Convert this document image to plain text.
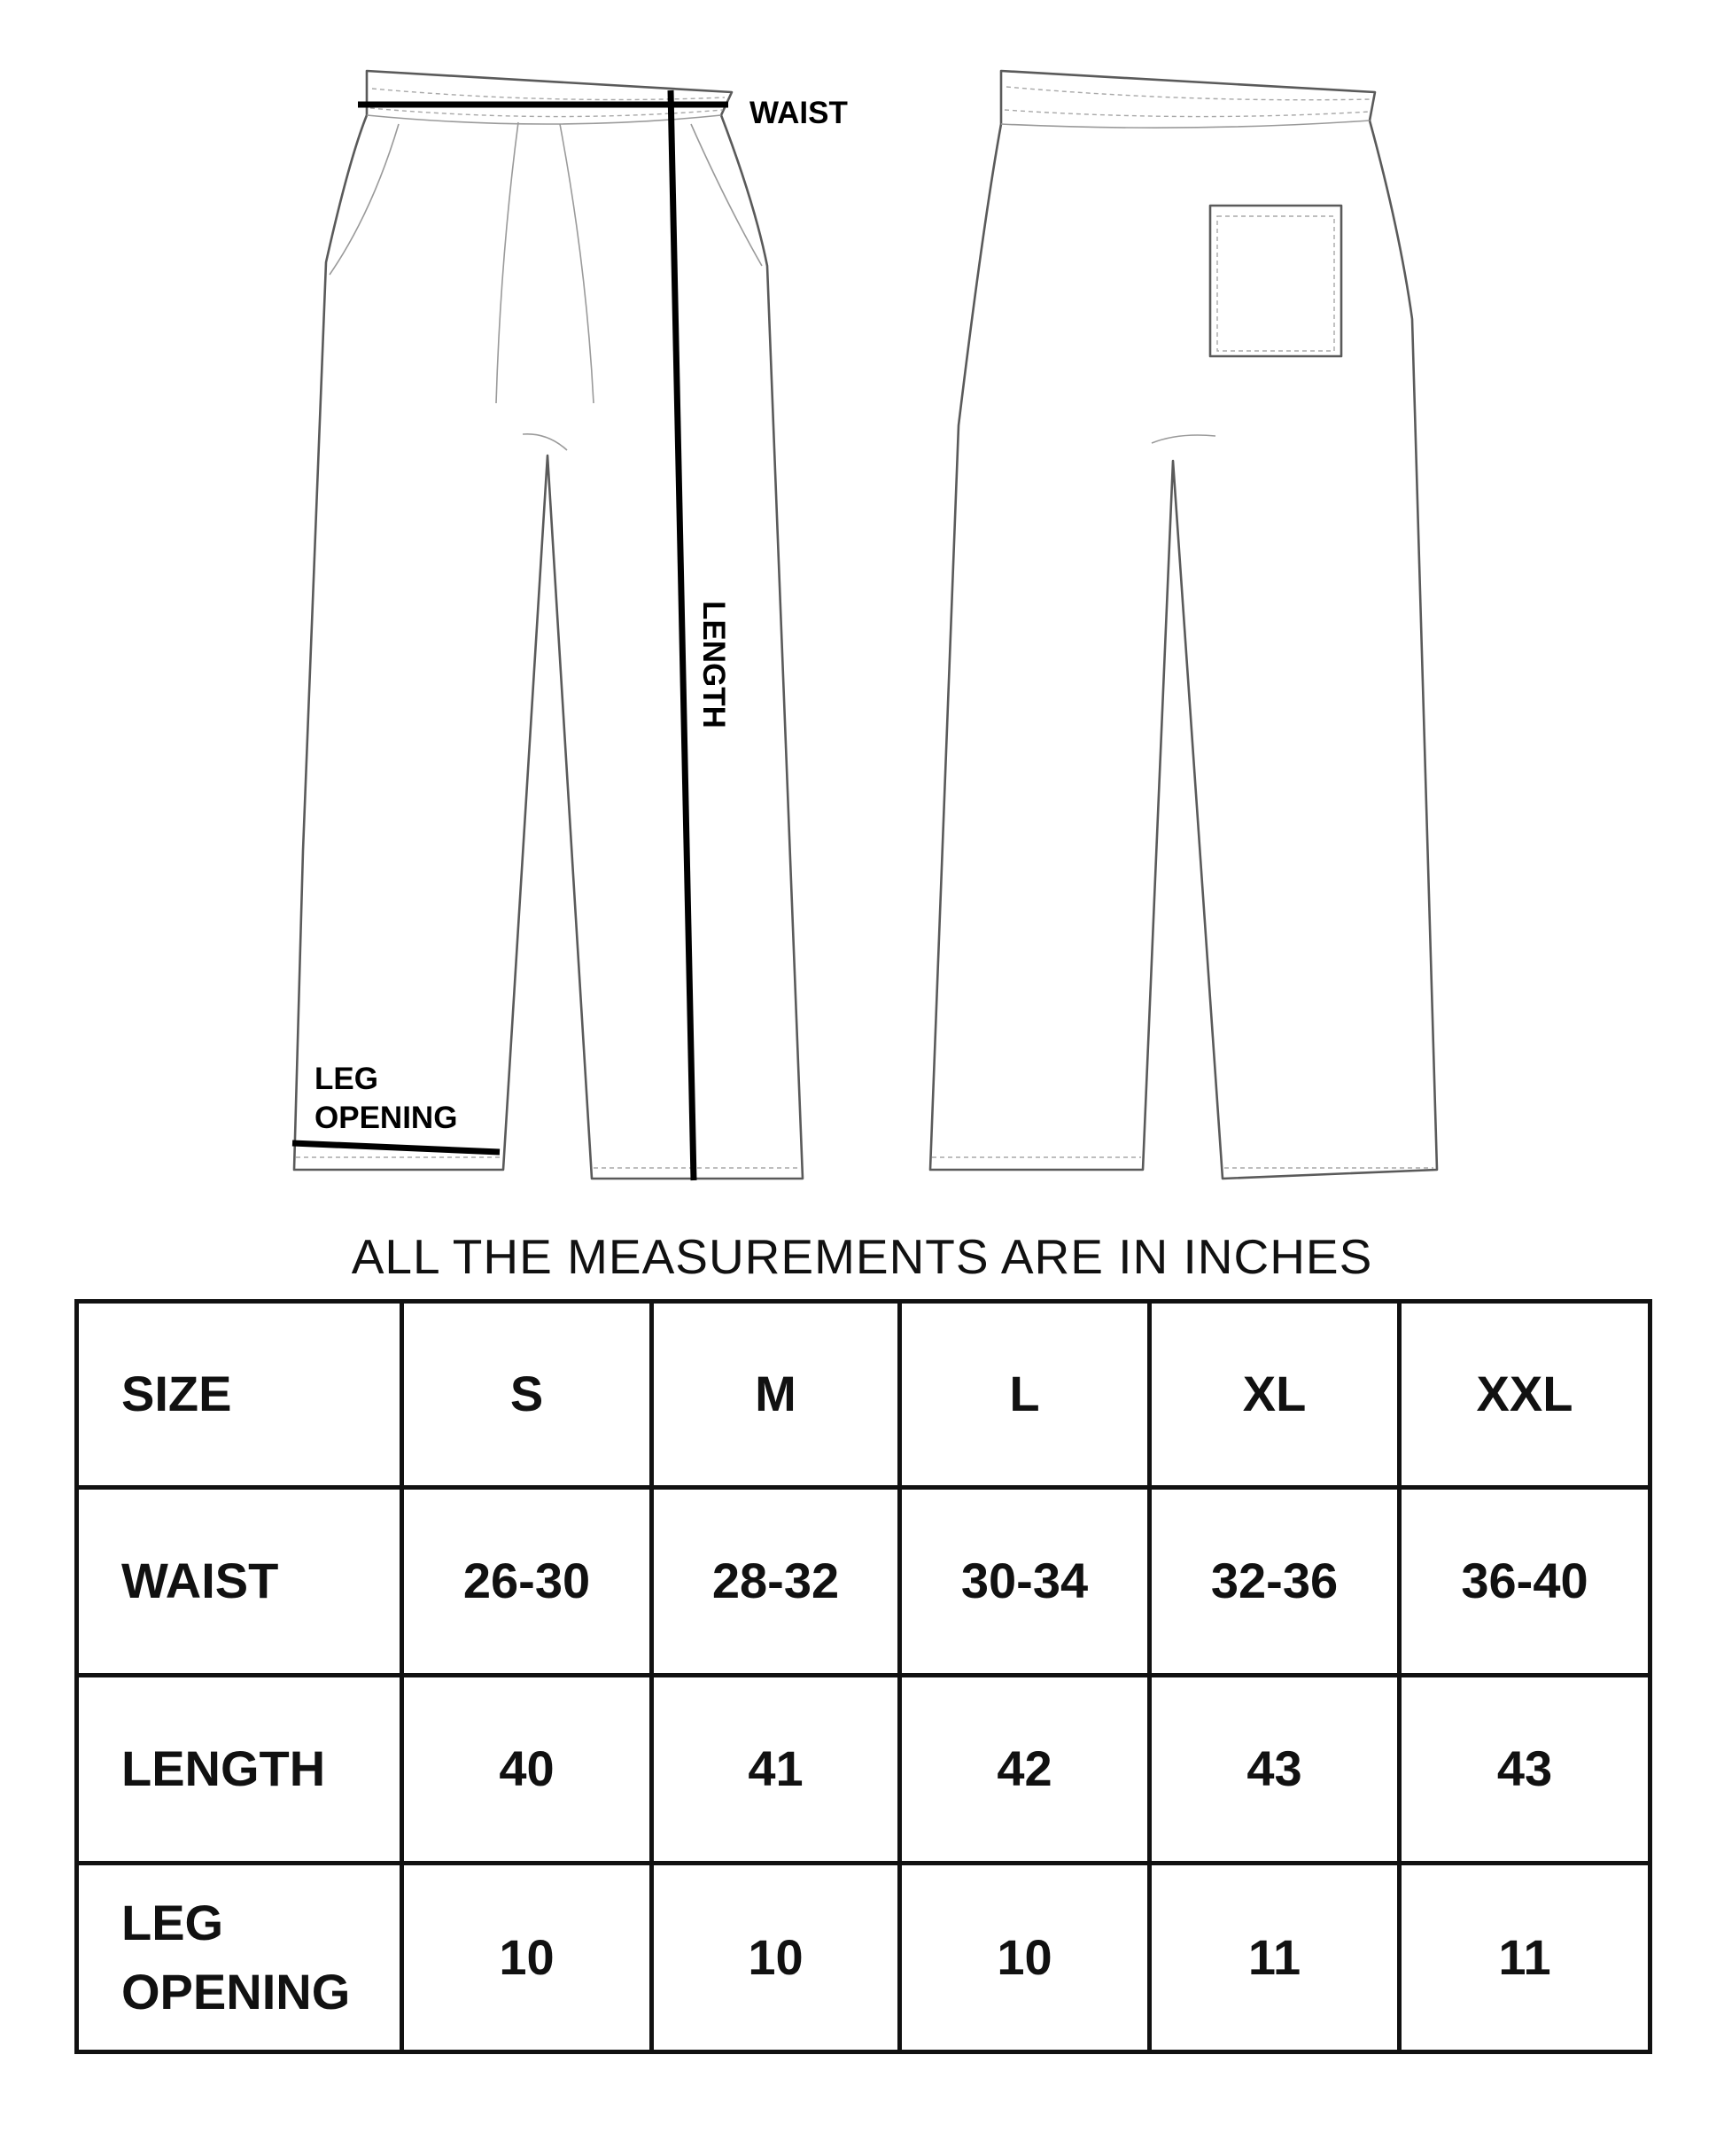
WAIST
LENGTH
LEG
OPENING
ALL THE MEASUREMENTS ARE IN INCHES
SIZE	S	M	L	XL	XXL

WAIST	26-30	28-32	30-34	32-36	36-40

LENGTH	40	41	42	43	43

LEG
OPENING	10	10	10	11	11
